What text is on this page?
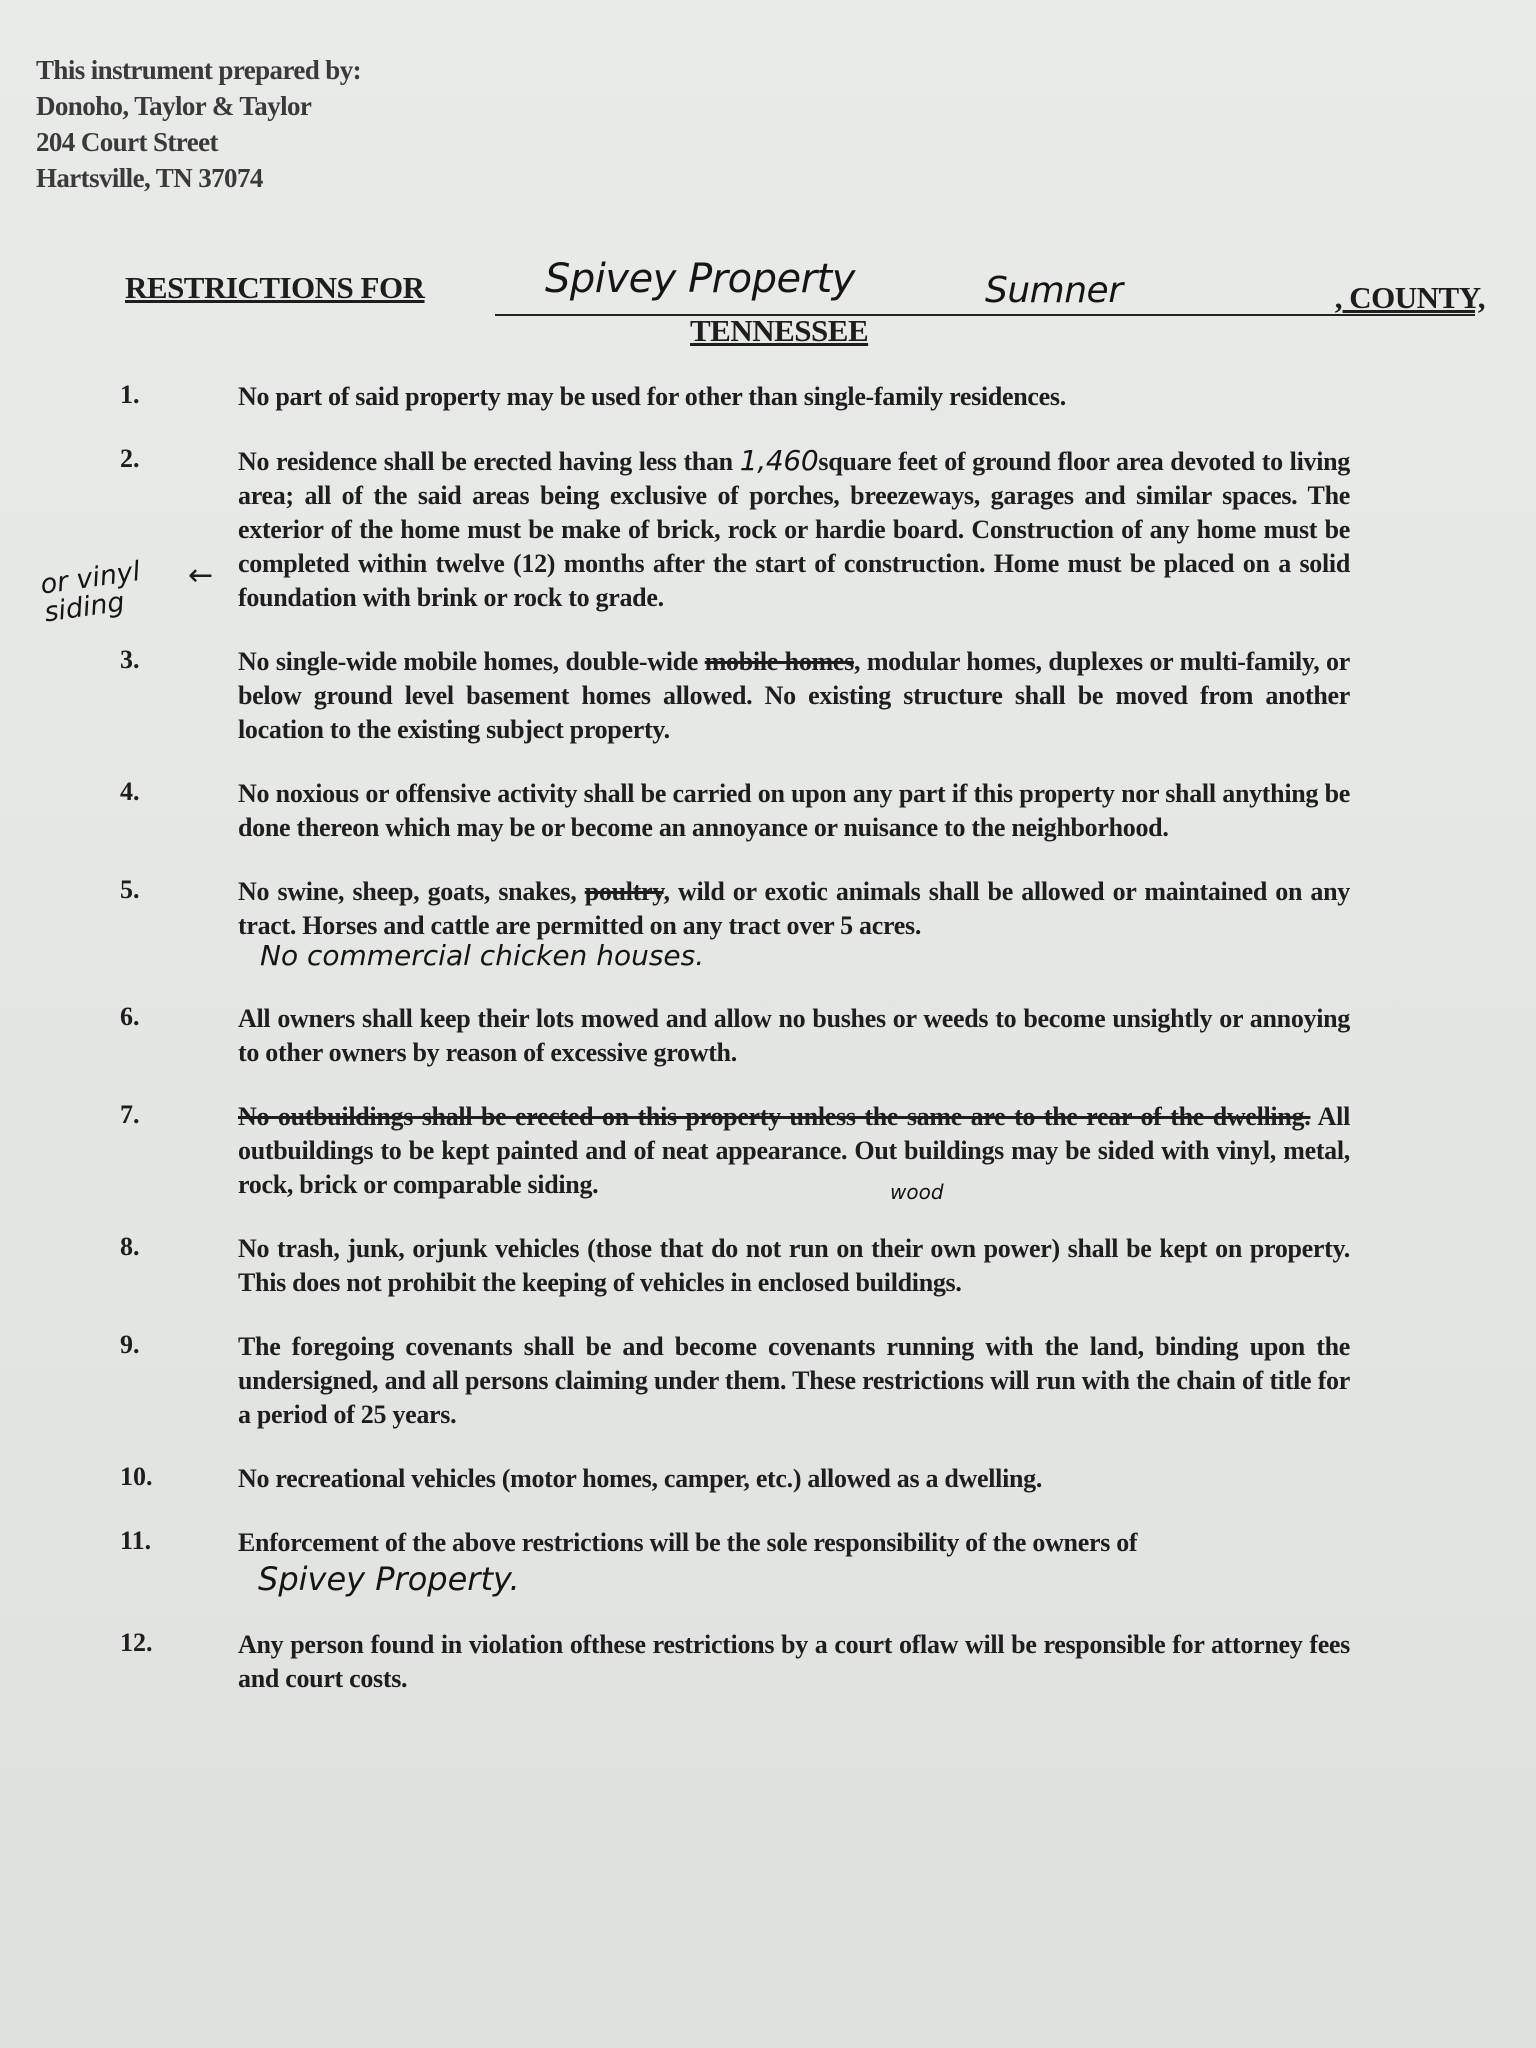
This instrument prepared by:
Donoho, Taylor & Taylor
204 Court Street
Hartsville, TN 37074
RESTRICTIONS FOR	Spivey Property	Sumner	, COUNTY,
TENNESSEE
or vinyl siding
←
1.	No part of said property may be used for other than single-family residences.
2.	No residence shall be erected having less than 1,460square feet of ground floor area devoted to living area; all of the said areas being exclusive of porches, breezeways, garages and similar spaces. The exterior of the home must be make of brick, rock or hardie board. Construction of any home must be completed within twelve (12) months after the start of construction. Home must be placed on a solid foundation with brink or rock to grade.
3.	No single-wide mobile homes, double-wide mobile homes, modular homes, duplexes or multi-family, or below ground level basement homes allowed. No existing structure shall be moved from another location to the existing subject property.
4.	No noxious or offensive activity shall be carried on upon any part if this property nor shall anything be done thereon which may be or become an annoyance or nuisance to the neighborhood.
5.	No swine, sheep, goats, snakes, poultry, wild or exotic animals shall be allowed or maintained on any tract. Horses and cattle are permitted on any tract over 5 acres.
No commercial chicken houses.
6.	All owners shall keep their lots mowed and allow no bushes or weeds to become unsightly or annoying to other owners by reason of excessive growth.
7.	No outbuildings shall be erected on this property unless the same are to the rear of the dwelling. All outbuildings to be kept painted and of neat appearance. Out buildings may be sided with vinyl, metal, rock, brick or comparable siding.	wood
8.	No trash, junk, orjunk vehicles (those that do not run on their own power) shall be kept on property. This does not prohibit the keeping of vehicles in enclosed buildings.
9.	The foregoing covenants shall be and become covenants running with the land, binding upon the undersigned, and all persons claiming under them. These restrictions will run with the chain of title for a period of 25 years.
10.	No recreational vehicles (motor homes, camper, etc.) allowed as a dwelling.
11.	Enforcement of the above restrictions will be the sole responsibility of the owners of
Spivey Property.
12.	Any person found in violation ofthese restrictions by a court oflaw will be responsible for attorney fees and court costs.
